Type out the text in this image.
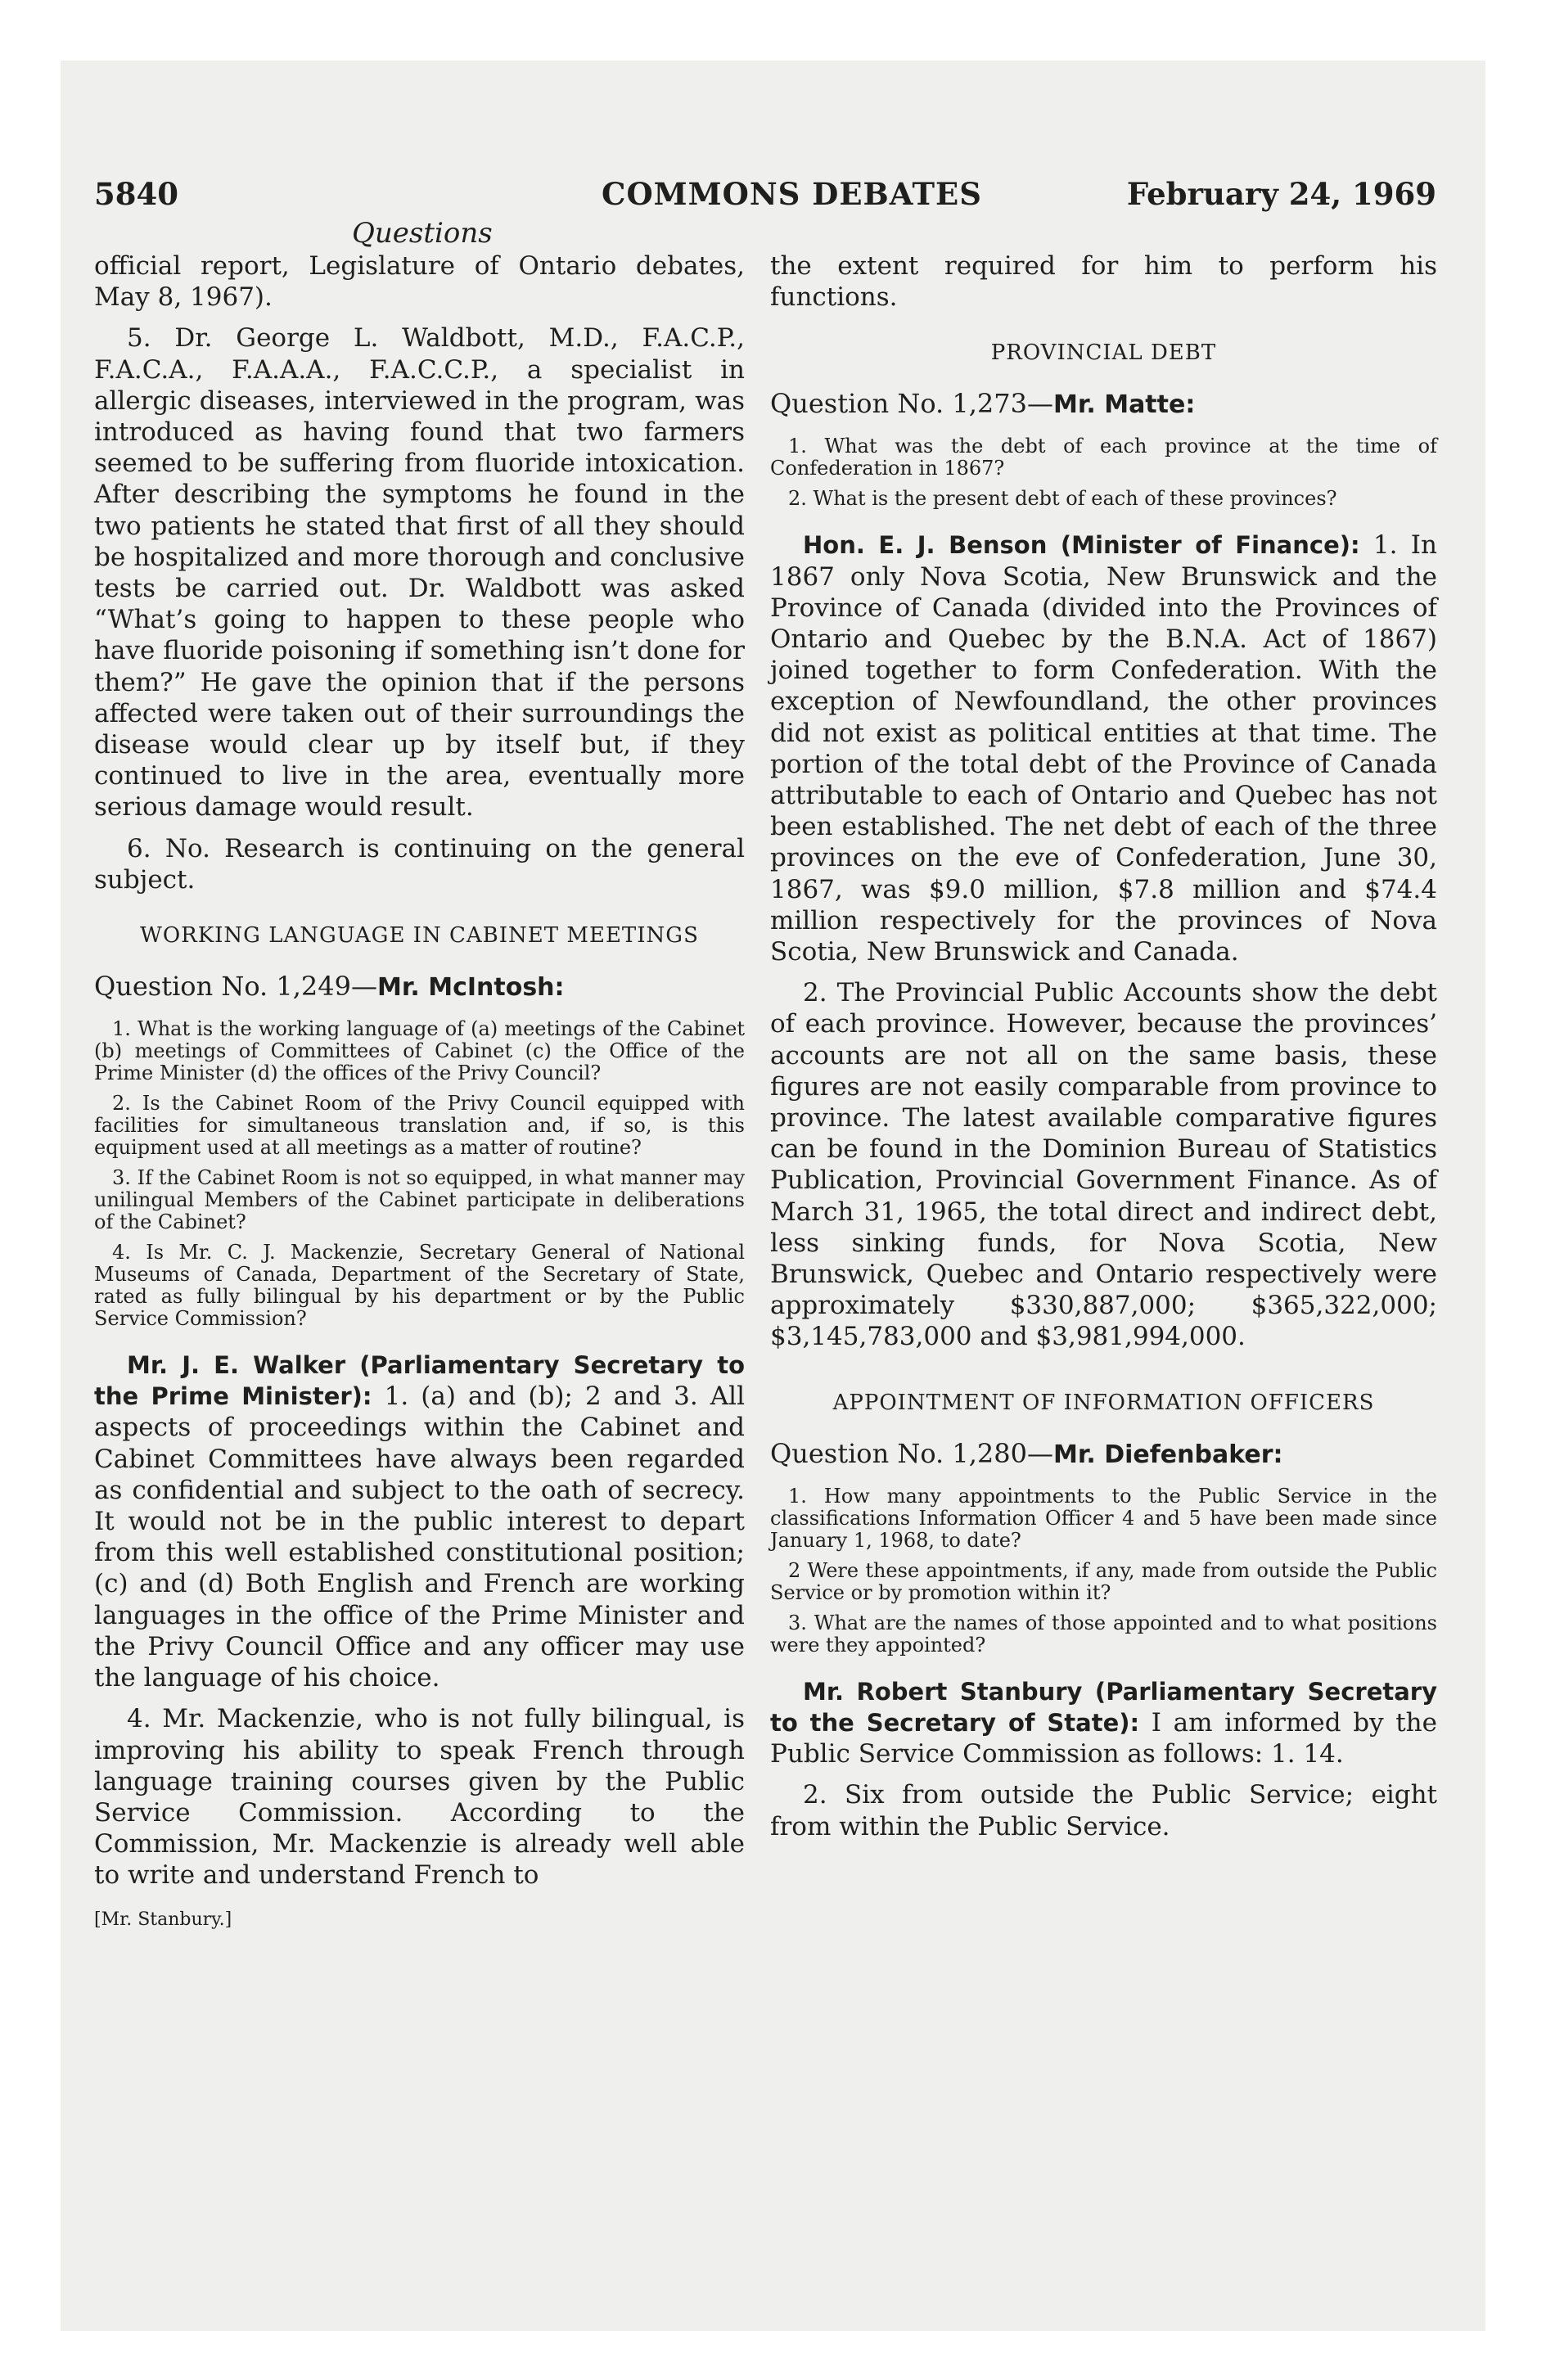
5840	COMMONS DEBATES	February 24, 1969
Questions

official report, Legislature of Ontario debates, May 8, 1967).

5. Dr. George L. Waldbott, M.D., F.A.C.P., F.A.C.A., F.A.A.A., F.A.C.C.P., a specialist in allergic diseases, interviewed in the program, was introduced as having found that two farmers seemed to be suffering from fluoride intoxication. After describing the symptoms he found in the two patients he stated that first of all they should be hospitalized and more thorough and conclusive tests be carried out. Dr. Waldbott was asked “What’s going to happen to these people who have fluoride poisoning if something isn’t done for them?” He gave the opinion that if the persons affected were taken out of their surroundings the disease would clear up by itself but, if they continued to live in the area, eventually more serious damage would result.

6. No. Research is continuing on the general subject.

WORKING LANGUAGE IN CABINET MEETINGS

Question No. 1,249—Mr. McIntosh:

1. What is the working language of (a) meetings of the Cabinet (b) meetings of Committees of Cabinet (c) the Office of the Prime Minister (d) the offices of the Privy Council?

2. Is the Cabinet Room of the Privy Council equipped with facilities for simultaneous translation and, if so, is this equipment used at all meetings as a matter of routine?

3. If the Cabinet Room is not so equipped, in what manner may unilingual Members of the Cabinet participate in deliberations of the Cabinet?

4. Is Mr. C. J. Mackenzie, Secretary General of National Museums of Canada, Department of the Secretary of State, rated as fully bilingual by his department or by the Public Service Commission?

Mr. J. E. Walker (Parliamentary Secretary to the Prime Minister): 1. (a) and (b); 2 and 3. All aspects of proceedings within the Cabinet and Cabinet Committees have always been regarded as confidential and subject to the oath of secrecy. It would not be in the public interest to depart from this well established constitutional position; (c) and (d) Both English and French are working languages in the office of the Prime Minister and the Privy Council Office and any officer may use the language of his choice.

4. Mr. Mackenzie, who is not fully bilingual, is improving his ability to speak French through language training courses given by the Public Service Commission. According to the Commission, Mr. Mackenzie is already well able to write and understand French to

[Mr. Stanbury.]

the extent required for him to perform his functions.

PROVINCIAL DEBT

Question No. 1,273—Mr. Matte:

1. What was the debt of each province at the time of Confederation in 1867?

2. What is the present debt of each of these provinces?

Hon. E. J. Benson (Minister of Finance): 1. In 1867 only Nova Scotia, New Brunswick and the Province of Canada (divided into the Provinces of Ontario and Quebec by the B.N.A. Act of 1867) joined together to form Confederation. With the exception of Newfoundland, the other provinces did not exist as political entities at that time. The portion of the total debt of the Province of Canada attributable to each of Ontario and Quebec has not been established. The net debt of each of the three provinces on the eve of Confederation, June 30, 1867, was $9.0 million, $7.8 million and $74.4 million respectively for the provinces of Nova Scotia, New Brunswick and Canada.

2. The Provincial Public Accounts show the debt of each province. However, because the provinces’ accounts are not all on the same basis, these figures are not easily comparable from province to province. The latest available comparative figures can be found in the Dominion Bureau of Statistics Publication, Provincial Government Finance. As of March 31, 1965, the total direct and indirect debt, less sinking funds, for Nova Scotia, New Brunswick, Quebec and Ontario respectively were approximately $330,887,000; $365,322,000; $3,145,783,000 and $3,981,994,000.

APPOINTMENT OF INFORMATION OFFICERS

Question No. 1,280—Mr. Diefenbaker:

1. How many appointments to the Public Service in the classifications Information Officer 4 and 5 have been made since January 1, 1968, to date?

2 Were these appointments, if any, made from outside the Public Service or by promotion within it?

3. What are the names of those appointed and to what positions were they appointed?

Mr. Robert Stanbury (Parliamentary Secretary to the Secretary of State): I am informed by the Public Service Commission as follows: 1. 14.

2. Six from outside the Public Service; eight from within the Public Service.
